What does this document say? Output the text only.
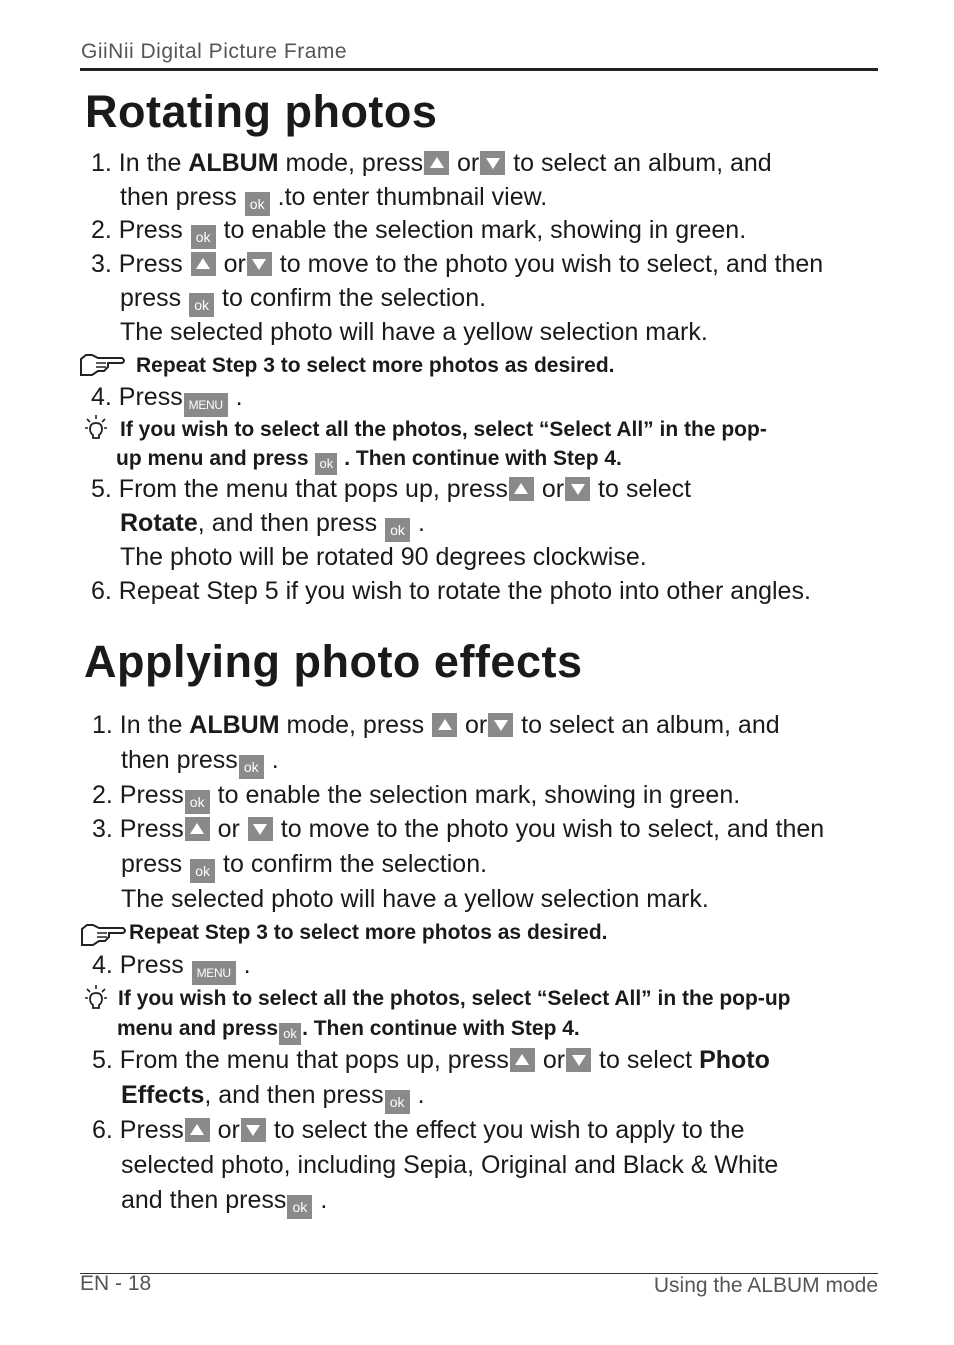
GiiNii Digital Picture Frame
Rotating photos
1. In the ALBUM mode, press or to select an album, and
then press ok .to enter thumbnail view.
2. Press ok to enable the selection mark, showing in green.
3. Press  or to move to the photo you wish to select, and then
press ok to confirm the selection.
The selected photo will have a yellow selection mark.
Repeat Step 3 to select more photos as desired.
4. Press MENU .
If you wish to select all the photos, select “Select All” in the pop-
up menu and press ok . Then continue with Step 4.
5. From the menu that pops up, press or to select
Rotate, and then press ok .
The photo will be rotated 90 degrees clockwise.
6. Repeat Step 5 if you wish to rotate the photo into other angles.
Applying photo effects
1. In the ALBUM mode, press  or to select an album, and
then press ok .
2. Press ok to enable the selection mark, showing in green.
3. Press or  to move to the photo you wish to select, and then
press ok to confirm the selection.
The selected photo will have a yellow selection mark.
Repeat Step 3 to select more photos as desired.
4. Press MENU .
If you wish to select all the photos, select “Select All” in the pop-up
menu and press ok . Then continue with Step 4.
5. From the menu that pops up, press or to select Photo
Effects, and then press ok .
6. Press or to select the effect you wish to apply to the
selected photo, including Sepia, Original and Black & White
and then press ok .
EN - 18	Using the ALBUM mode
